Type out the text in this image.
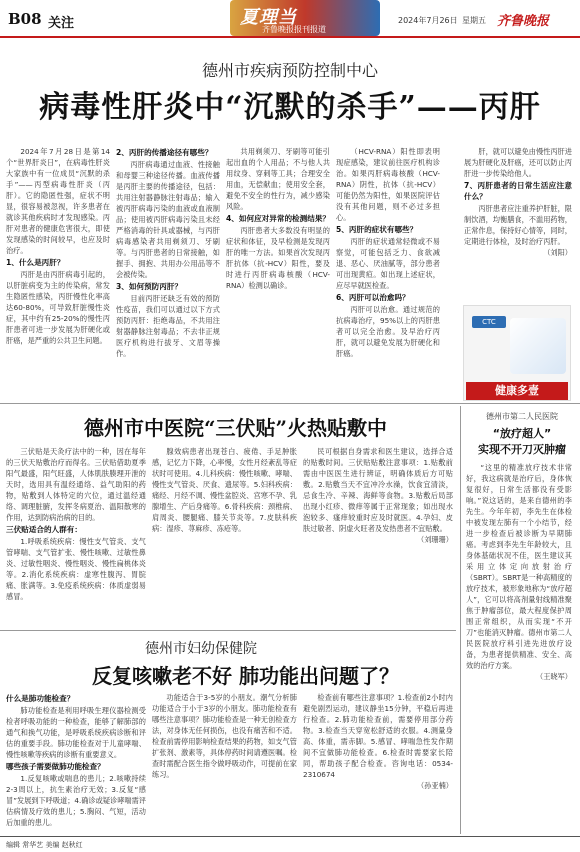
B08 关注	夏理当
齐鲁晚报报刊报道
2024年7月26日 星期五 齐鲁晚报
德州市疾病预防控制中心
病毒性肝炎中“沉默的杀手”——丙肝

2024年7月28日是第14个“世界肝炎日”，在病毒性肝炎大家族中有一位成员“沉默的杀手”——丙型病毒性肝炎（丙肝）。它的隐匿性强，症状不明显，很容易被忽视，许多患者在就诊其他疾病时才发现感染。丙肝对患者的健康危害很大，即使发现感染的时间较早，也应及时治疗。

1、什么是丙肝？

丙肝是由丙肝病毒引起的，以肝脏病变为主的传染病，常发生隐匿性感染，丙肝慢性化率高达60-80%，可导致肝脏慢性炎症，其中约有25-20%的慢性丙肝患者可进一步发展为肝硬化或肝癌，是严重的公共卫生问题。

2、丙肝的传播途径有哪些？

丙肝病毒通过血液、性接触和母婴三种途径传播。血液传播是丙肝主要的传播途径，包括：共用注射器静脉注射毒品；输入被丙肝病毒污染的血液或血液制品；使用被丙肝病毒污染且未经严格消毒的针具或器械，与丙肝病毒感染者共用剃须刀、牙刷等。与丙肝患者的日常接触，如握手、拥抱、共用办公用品等不会被传染。

3、如何预防丙肝？

目前丙肝还缺乏有效的预防性疫苗，我们可以通过以下方式预防丙肝：拒绝毒品，不共用注射器静脉注射毒品；不去非正规医疗机构进行拔牙、文眉等操作。

共用剃须刀、牙刷等可能引起出血的个人用品；不与他人共用纹身、穿刺等工具；合理安全用血，无偿献血；使用安全套，避免不安全的性行为，减少感染风险。

4、如何应对异常的检测结果？

丙肝患者大多数没有明显的症状和体征，及早检测是发现丙肝的唯一方法。如果首次发现丙肝抗体（抗-HCV）阳性，要及时进行丙肝病毒核酸（HCV-RNA）检测以确诊。

（HCV-RNA）阳性即表明现症感染，建议前往医疗机构诊治。如果丙肝病毒核酸（HCV-RNA）阴性，抗体（抗-HCV）可能仍然为阳性，如果医院评估没有其他问题，则不必过多担心。

5、丙肝的症状有哪些？

丙肝的症状通常轻微或不易察觉，可能包括乏力、食欲减退、恶心、厌油腻等，部分患者可出现黄疸。如出现上述症状，应尽早就医检查。

6、丙肝可以治愈吗？

丙肝可以治愈。通过规范的抗病毒治疗，95%以上的丙肝患者可以完全治愈。及早治疗丙肝，就可以避免发展为肝硬化和肝癌。

肝，就可以避免由慢性丙肝进展为肝硬化及肝癌，还可以防止丙肝进一步传染给他人。

7、丙肝患者的日常生活应注意什么？

丙肝患者应注重养护肝脏，限制饮酒，均衡膳食，不滥用药物，正常作息，保持好心情等，同时，定期进行体检，及时治疗丙肝。

（刘阳）

CTC
健康多壹
德州市中医院“三伏贴”火热贴敷中

三伏贴是天灸疗法中的一种，因在每年的三伏天贴敷治疗而得名。三伏贴借助夏季阳气最盛，阳气旺盛，人体肌肤腠理开泄的天时，选用具有温经通络、益气助阳的药物，贴敷到人体特定的穴位，通过温经通络、调理脏腑，发挥冬病夏治、温阳散寒的作用，达到防病治病的目的。

三伏贴适合的人群有：

1.呼吸系统疾病：慢性支气管炎、支气管哮喘、支气管扩张、慢性咳嗽、过敏性鼻炎、过敏性咽炎、慢性咽炎、慢性扁桃体炎等。2.消化系统疾病：虚寒性腹泻、胃脘痛、胀满等。3.免疫系统疾病：体质虚弱易感冒。

腺效病患者出现苍白、疲倦、手足肿胀感，记忆力下降，心率慢，女性月经紊乱等症状时可使用。4.儿科疾病：慢性咳嗽、哮喘、慢性支气管炎、厌食、遗尿等。5.妇科疾病：痛经、月经不调、慢性盆腔炎、宫寒不孕、乳腺增生、产后身痛等。6.骨科疾病：颈椎病、肩周炎、腰腿痛、膝关节炎等。7.皮肤科疾病：湿疹、荨麻疹、冻疮等。

民可根据自身需求和医生建议，选择合适的贴敷时间。三伏贴贴敷注意事项：1.贴敷前需由中医医生进行辨证，明确体质后方可贴敷。2.贴敷当天不宜冲冷水澡，饮食宜清淡，忌食生冷、辛辣、海鲜等食物。3.贴敷后局部出现小红疹、微痒等属于正常现象；如出现水泡较多、瘙痒较重时应及时就医。4.孕妇、皮肤过敏者、阴虚火旺者及发热患者不宜贴敷。

（刘珊珊）

德州市第二人民医院
“放疗超人”
实现不开刀灭肿瘤

“这里的精准放疗技术非常好，我这病就是治疗后，身体恢复很好，日常生活都没有受影响。”说这话的，是来自德州的李先生。今年年初，李先生在体检中被发现左肺有一个小结节，经进一步检查后被诊断为早期肺癌。考虑到李先生年龄较大，且身体基础状况不佳，医生建议其采用立体定向放射治疗（SBRT）。SBRT是一种高精度的放疗技术，被形象地称为“放疗超人”，它可以将高剂量射线精准聚焦于肿瘤部位，最大程度保护周围正常组织，从而实现“不开刀”也能消灭肿瘤。德州市第二人民医院放疗科引进先进放疗设备，为患者提供精准、安全、高效的治疗方案。

（王晓军）

德州市妇幼保健院
反复咳嗽老不好 肺功能出问题了？
什么是肺功能检查？

肺功能检查是利用呼吸生理仪器检测受检者呼吸功能的一种检查，能够了解肺部的通气和换气功能，是呼吸系统疾病诊断和评估的重要手段。肺功能检查对于儿童哮喘、慢性咳嗽等疾病的诊断有重要意义。

哪些孩子需要做肺功能检查？

1.反复咳嗽或喘息的患儿；2.咳嗽持续2-3周以上，抗生素治疗无效；3.反复“感冒”发展到下呼吸道；4.确诊或疑诊哮喘需评估病情及疗效的患儿；5.胸闷、气短，活动后加重的患儿。

功能适合于3-5岁的小朋友。潮气分析肺功能适合于小于3岁的小朋友。肺功能检查有哪些注意事项？肺功能检查是一种无创检查方法，对身体无任何损伤，也没有痛苦和不适。检查前需停用影响检查结果的药物，如支气管扩张剂、激素等，具体停药时间请遵医嘱。检查时需配合医生指令做呼吸动作，可提前在家练习。

检查前有哪些注意事项？1.检查前2小时内避免剧烈运动，建议静坐15分钟，平稳后再进行检查。2.肺功能检查前，需要停用部分药物。3.检查当天穿宽松舒适的衣服。4.测量身高、体重，需赤脚。5.感冒、哮喘急性发作期间不宜做肺功能检查。6.检查时需要家长陪同，帮助孩子配合检查。咨询电话：0534-2310674

（孙亚楠）

编辑 常华艺 美编 赵秋红
